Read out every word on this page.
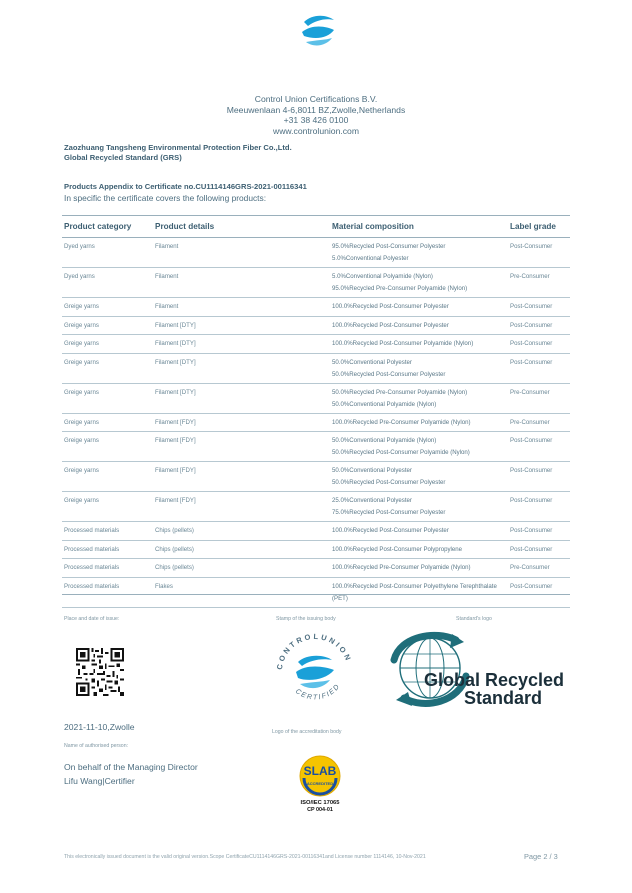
Control Union Certifications B.V.
Meeuwenlaan 4-6,8011 BZ,Zwolle,Netherlands
+31 38 426 0100
www.controlunion.com
Zaozhuang Tangsheng Environmental Protection Fiber Co.,Ltd.
Global Recycled Standard (GRS)
Products Appendix to Certificate no.CU1114146GRS-2021-00116341
In specific the certificate covers the following products:
Product category	Product details	Material composition	Label grade
Dyed yarns	Filament	95.0%Recycled Post-Consumer Polyester
5.0%Conventional Polyester	Post-Consumer
Dyed yarns	Filament	5.0%Conventional Polyamide (Nylon)
95.0%Recycled Pre-Consumer Polyamide (Nylon)	Pre-Consumer
Greige yarns	Filament	100.0%Recycled Post-Consumer Polyester	Post-Consumer
Greige yarns	Filament [DTY]	100.0%Recycled Post-Consumer Polyester	Post-Consumer
Greige yarns	Filament [DTY]	100.0%Recycled Post-Consumer Polyamide (Nylon)	Post-Consumer
Greige yarns	Filament [DTY]	50.0%Conventional Polyester
50.0%Recycled Post-Consumer Polyester	Post-Consumer
Greige yarns	Filament [DTY]	50.0%Recycled Pre-Consumer Polyamide (Nylon)
50.0%Conventional Polyamide (Nylon)	Pre-Consumer
Greige yarns	Filament [FDY]	100.0%Recycled Pre-Consumer Polyamide (Nylon)	Pre-Consumer
Greige yarns	Filament [FDY]	50.0%Conventional Polyamide (Nylon)
50.0%Recycled Post-Consumer Polyamide (Nylon)	Post-Consumer
Greige yarns	Filament [FDY]	50.0%Conventional Polyester
50.0%Recycled Post-Consumer Polyester	Post-Consumer
Greige yarns	Filament [FDY]	25.0%Conventional Polyester
75.0%Recycled Post-Consumer Polyester	Post-Consumer
Processed materials	Chips (pellets)	100.0%Recycled Post-Consumer Polyester	Post-Consumer
Processed materials	Chips (pellets)	100.0%Recycled Post-Consumer Polypropylene	Post-Consumer
Processed materials	Chips (pellets)	100.0%Recycled Pre-Consumer Polyamide (Nylon)	Pre-Consumer
Processed materials	Flakes	100.0%Recycled Post-Consumer Polyethylene Terephthalate (PET)	Post-Consumer
Place and date of issue:
2021-11-10,Zwolle
Name of authorised person:
On behalf of the Managing Director
Lifu Wang|Certifier
Stamp of the issuing body
CONTROLUNION
CERTIFIED
Standard's logo
Global Recycled
Standard
Logo of the accreditation body
SLAB
ACCREDITED
ISO/IEC 17065
CP 004-01
This electronically issued document is the valid original version.Scope CertificateCU1114146GRS-2021-00116341and License number 1114146, 10-Nov-2021	Page 2 / 3
